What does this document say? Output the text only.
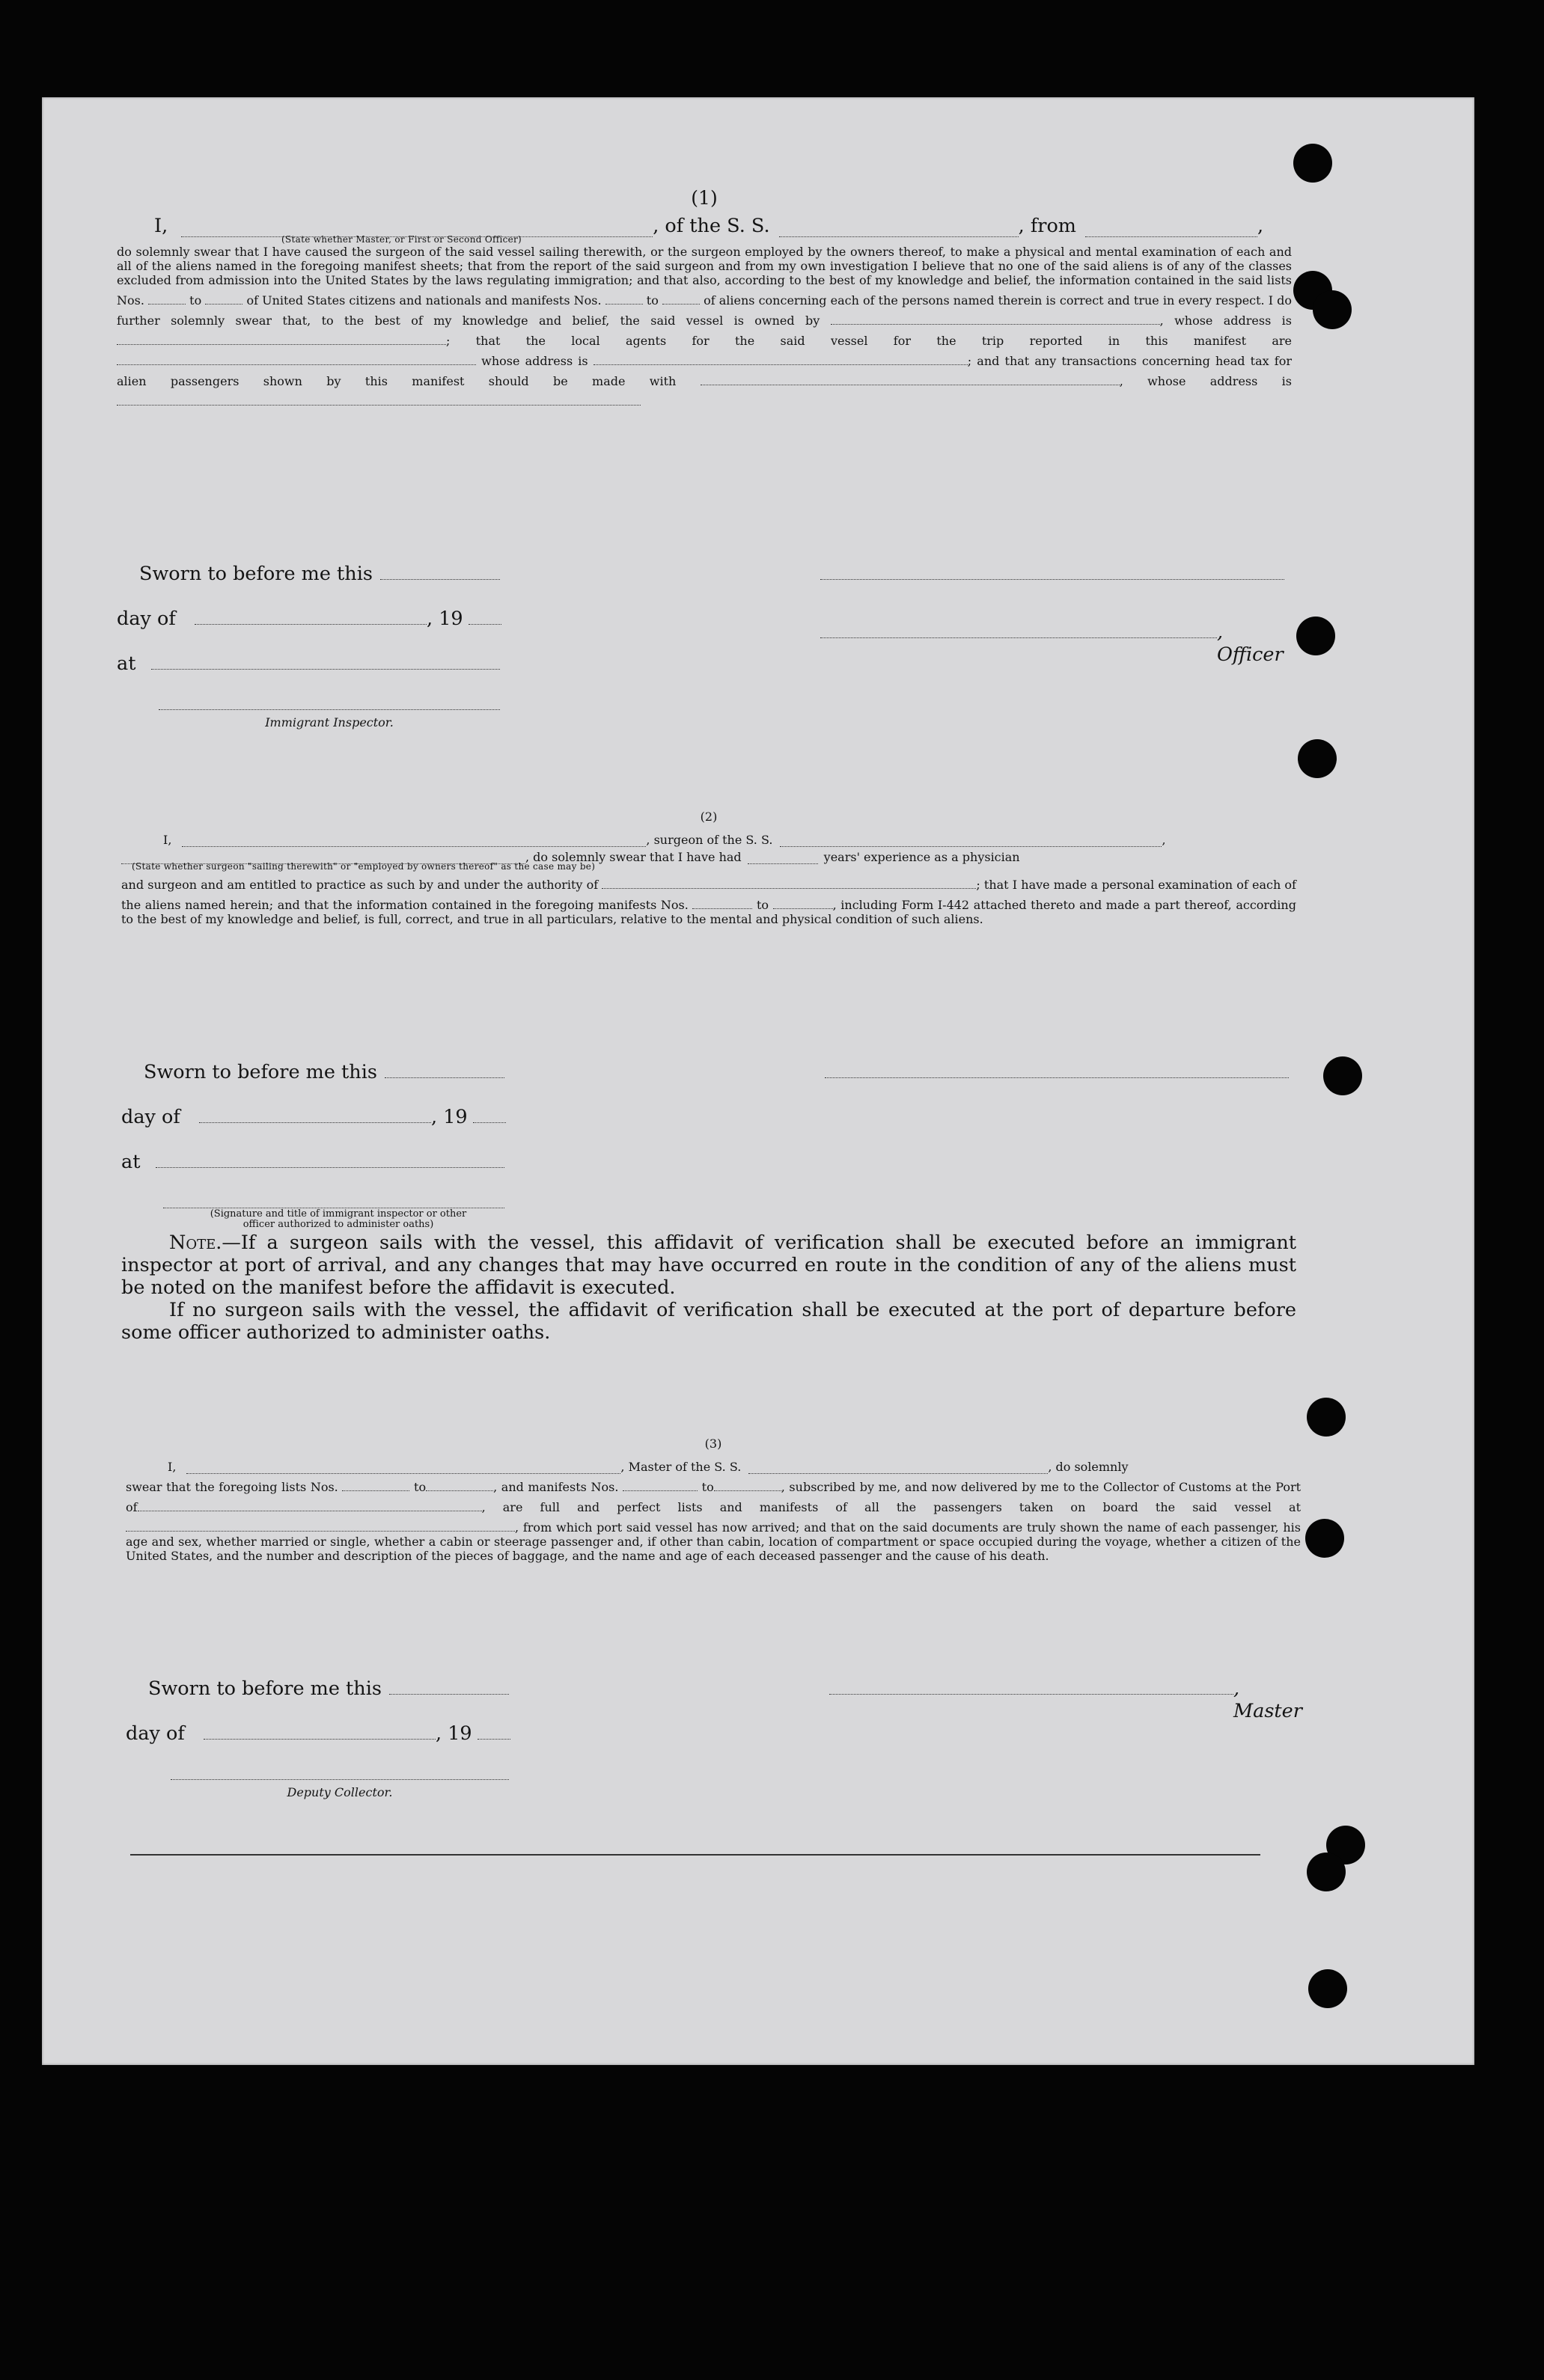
(1)
I,	, of the S. S.	, from	,
(State whether Master, or First or Second Officer)

do solemnly swear that I have caused the surgeon of the said vessel sailing therewith, or the surgeon employed by the owners thereof, to make a physical and mental examination of each and all of the aliens named in the foregoing manifest sheets; that from the report of the said surgeon and from my own investigation I believe that no one of the said aliens is of any of the classes excluded from admission into the United States by the laws regulating immigration; and that also, according to the best of my knowledge and belief, the information contained in the said lists Nos.	to	of United States citizens and nationals and manifests Nos.	to	of aliens concerning each of the persons named therein is correct and true in every respect. I do further solemnly swear that, to the best of my knowledge and belief, the said vessel is owned by	, whose address is ; that the local agents for the said vessel for the trip reported in this manifest are  whose address is	; and that any transactions concerning head tax for alien passengers shown by this manifest should be made with	, whose address is

Sworn to before me this
day of	, 19
, Officer
at
Immigrant Inspector.
(2)
I,	, surgeon of the S. S.	,
, do solemnly swear that I have had	years' experience as a physician
(State whether surgeon "sailing therewith" or "employed by owners thereof" as the case may be)

and surgeon and am entitled to practice as such by and under the authority of	; that I have made a personal examination of each of the aliens named herein; and that the information contained in the foregoing manifests Nos.	to	, including Form I-442 attached thereto and made a part thereof, according to the best of my knowledge and belief, is full, correct, and true in all particulars, relative to the mental and physical condition of such aliens.

Sworn to before me this
day of	, 19
at
(Signature and title of immigrant inspector or other officer authorized to administer oaths)

Note.—If a surgeon sails with the vessel, this affidavit of verification shall be executed before an immigrant inspector at port of arrival, and any changes that may have occurred en route in the condition of any of the aliens must be noted on the manifest before the affidavit is executed.

If no surgeon sails with the vessel, the affidavit of verification shall be executed at the port of departure before some officer authorized to administer oaths.

(3)
I,	, Master of the S. S.	, do solemnly

swear that the foregoing lists Nos.	to	, and manifests Nos.	to	, subscribed by me, and now delivered by me to the Collector of Customs at the Port of	, are full and perfect lists and manifests of all the passengers taken on board the said vessel at , from which port said vessel has now arrived; and that on the said documents are truly shown the name of each passenger, his age and sex, whether married or single, whether a cabin or steerage passenger and, if other than cabin, location of compartment or space occupied during the voyage, whether a citizen of the United States, and the number and description of the pieces of baggage, and the name and age of each deceased passenger and the cause of his death.

Sworn to before me this	, Master
day of	, 19
Deputy Collector.
